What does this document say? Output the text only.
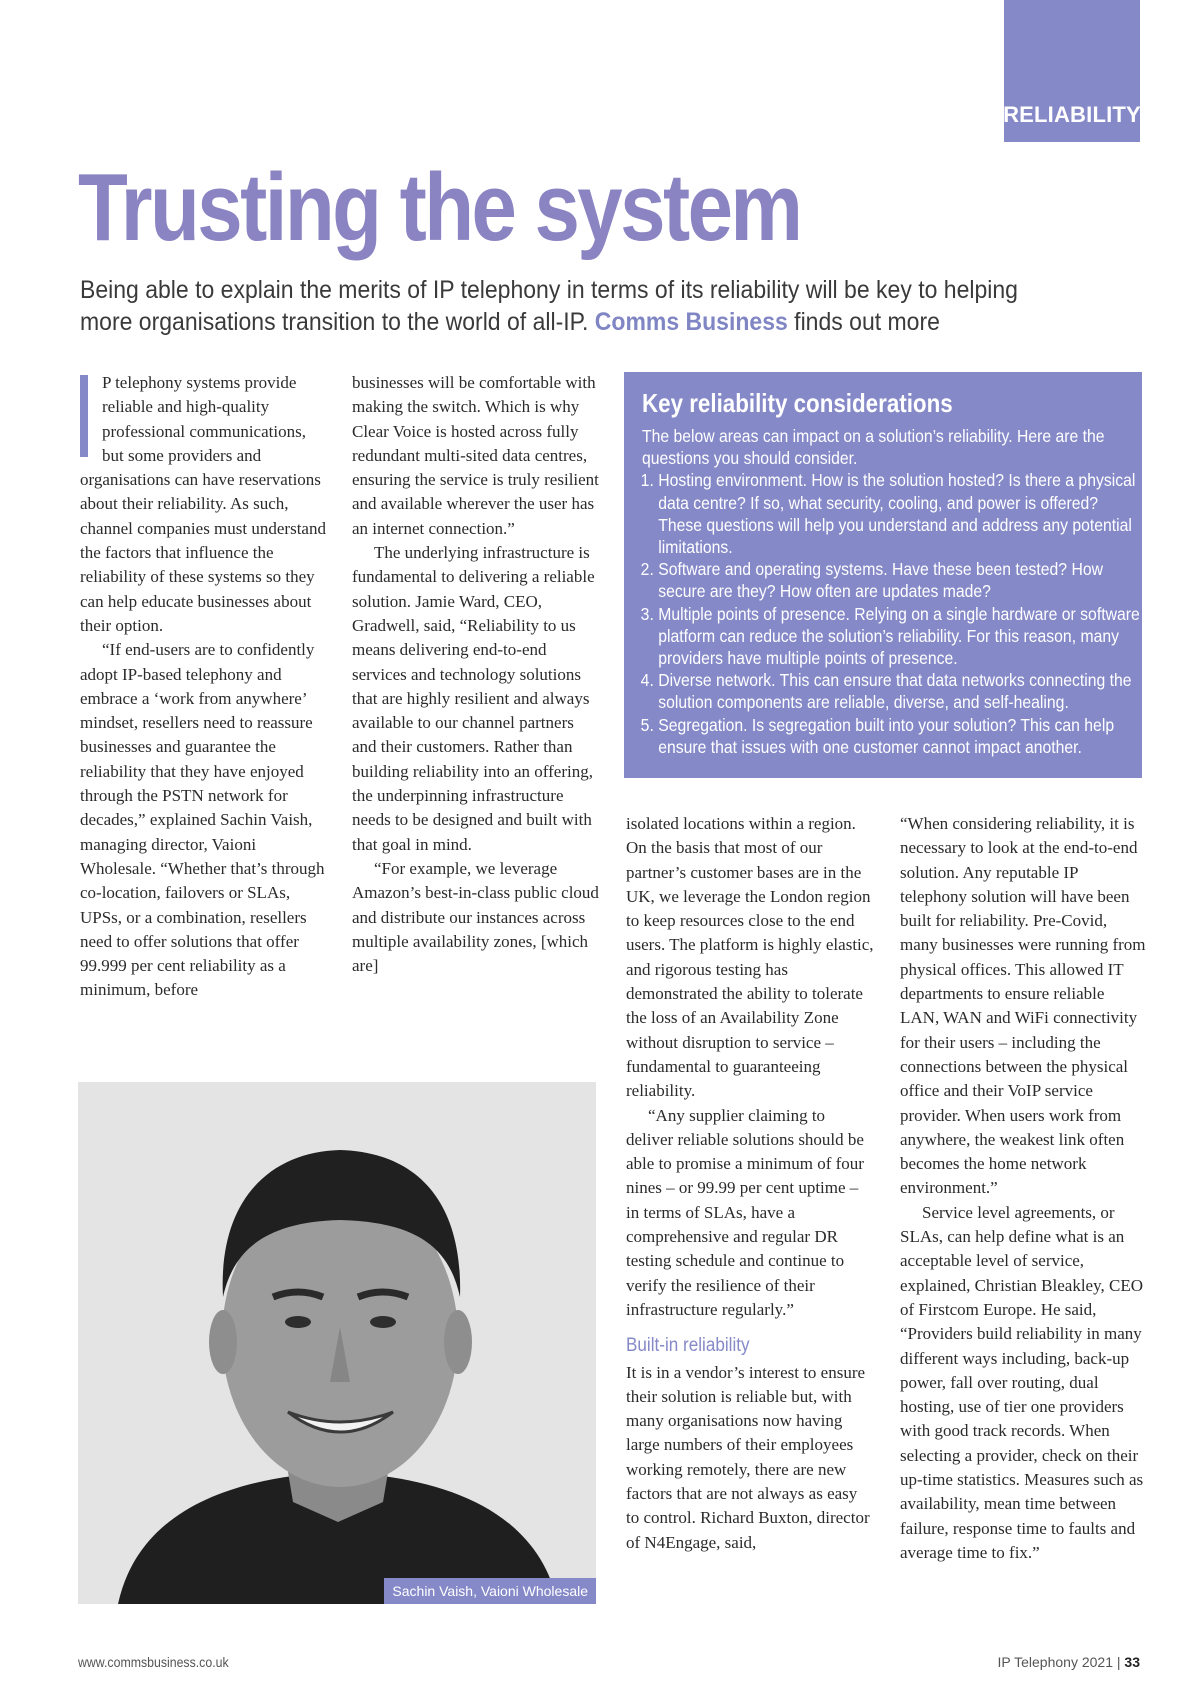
RELIABILITY
Trusting the system

Being able to explain the merits of IP telephony in terms of its reliability will be key to helping more organisations transition to the world of all-IP. Comms Business finds out more

P telephony systems provide reliable and high-quality professional communications, but some providers and organisations can have reservations about their reliability. As such, channel companies must understand the factors that influence the reliability of these systems so they can help educate businesses about their option.

“If end-users are to confidently adopt IP-based telephony and embrace a ‘work from anywhere’ mindset, resellers need to reassure businesses and guarantee the reliability that they have enjoyed through the PSTN network for decades,” explained Sachin Vaish, managing director, Vaioni Wholesale. “Whether that’s through co-location, failovers or SLAs, UPSs, or a combination, resellers need to offer solutions that offer 99.999 per cent reliability as a minimum, before

businesses will be comfortable with making the switch. Which is why Clear Voice is hosted across fully redundant multi-sited data centres, ensuring the service is truly resilient and available wherever the user has an internet connection.”

The underlying infrastructure is fundamental to delivering a reliable solution. Jamie Ward, CEO, Gradwell, said, “Reliability to us means delivering end-to-end services and technology solutions that are highly resilient and always available to our channel partners and their customers. Rather than building reliability into an offering, the underpinning infrastructure needs to be designed and built with that goal in mind.

“For example, we leverage Amazon’s best-in-class public cloud and distribute our instances across multiple availability zones, [which are]

Key reliability considerations

The below areas can impact on a solution’s reliability. Here are the questions you should consider.

1. Hosting environment. How is the solution hosted? Is there a physical data centre? If so, what security, cooling, and power is offered? These questions will help you understand and address any potential limitations.
2. Software and operating systems. Have these been tested? How secure are they? How often are updates made?
3. Multiple points of presence. Relying on a single hardware or software platform can reduce the solution’s reliability. For this reason, many providers have multiple points of presence.
4. Diverse network. This can ensure that data networks connecting the solution components are reliable, diverse, and self-healing.
5. Segregation. Is segregation built into your solution? This can help ensure that issues with one customer cannot impact another.

isolated locations within a region. On the basis that most of our partner’s customer bases are in the UK, we leverage the London region to keep resources close to the end users. The platform is highly elastic, and rigorous testing has demonstrated the ability to tolerate the loss of an Availability Zone without disruption to service – fundamental to guaranteeing reliability.

“Any supplier claiming to deliver reliable solutions should be able to promise a minimum of four nines – or 99.99 per cent uptime – in terms of SLAs, have a comprehensive and regular DR testing schedule and continue to verify the resilience of their infrastructure regularly.”

Built-in reliability

It is in a vendor’s interest to ensure their solution is reliable but, with many organisations now having large numbers of their employees working remotely, there are new factors that are not always as easy to control. Richard Buxton, director of N4Engage, said,

“When considering reliability, it is necessary to look at the end-to-end solution. Any reputable IP telephony solution will have been built for reliability. Pre-Covid, many businesses were running from physical offices. This allowed IT departments to ensure reliable LAN, WAN and WiFi connectivity for their users – including the connections between the physical office and their VoIP service provider. When users work from anywhere, the weakest link often becomes the home network environment.”

Service level agreements, or SLAs, can help define what is an acceptable level of service, explained, Christian Bleakley, CEO of Firstcom Europe. He said, “Providers build reliability in many different ways including, back-up power, fall over routing, dual hosting, use of tier one providers with good track records. When selecting a provider, check on their up-time statistics. Measures such as availability, mean time between failure, response time to faults and average time to fix.”

Sachin Vaish, Vaioni Wholesale
www.commsbusiness.co.uk	IP Telephony 2021 | 33
